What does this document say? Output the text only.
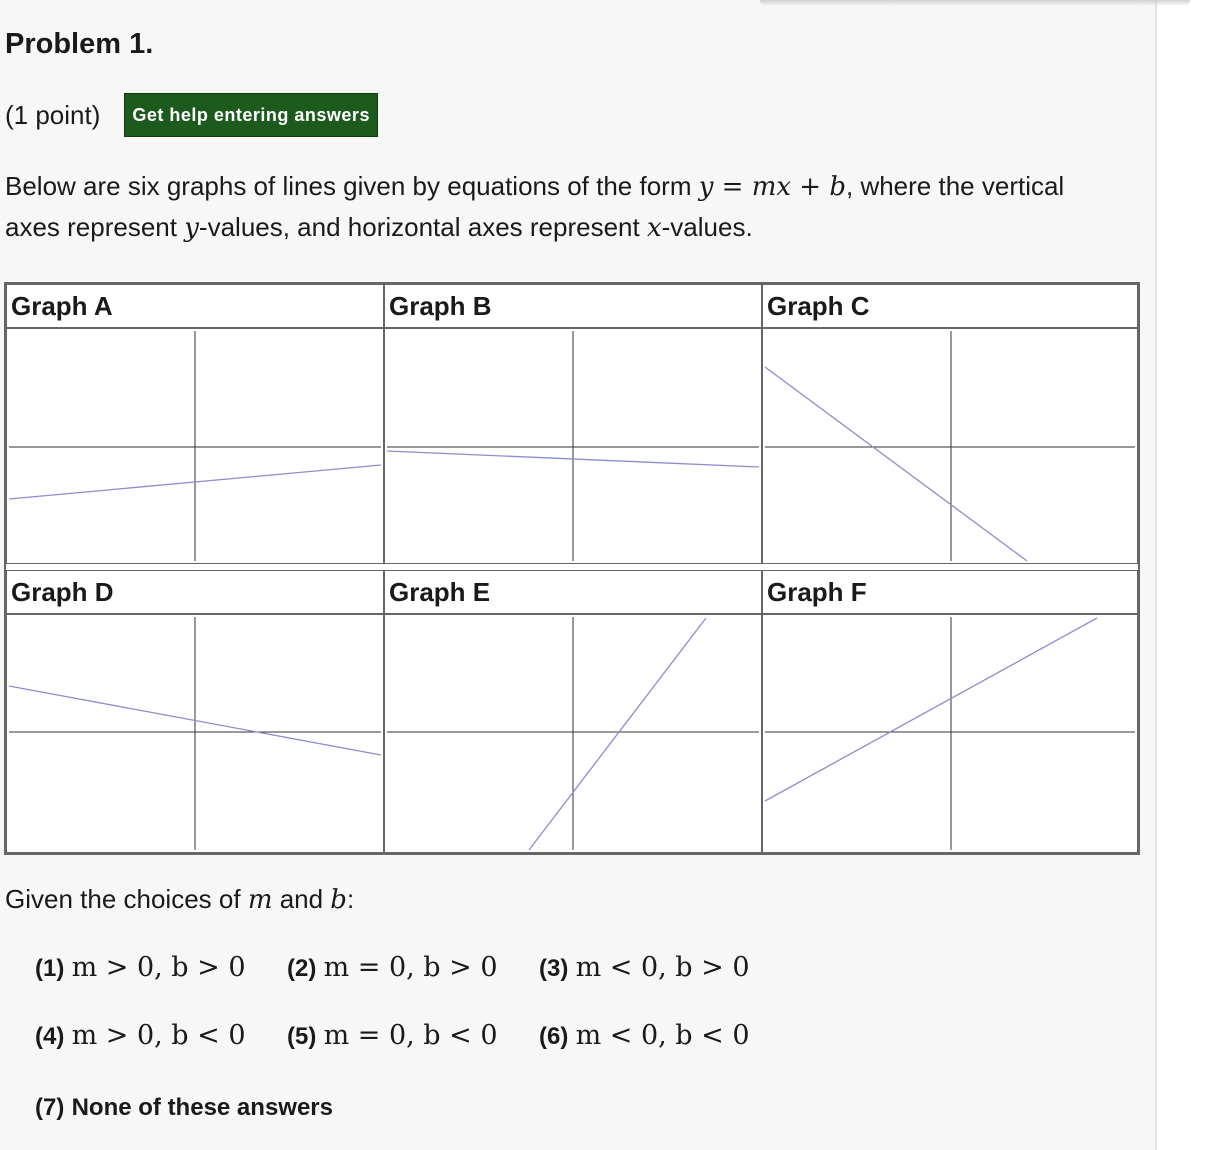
Problem 1.
(1 point) Get help entering answers

Below are six graphs of lines given by equations of the form y = mx + b, where the vertical axes represent y-values, and horizontal axes represent x-values.

Graph A	Graph B	Graph C
Graph D	Graph E	Graph F

Given the choices of m and b:

(1) m > 0, b > 0 (2) m = 0, b > 0 (3) m < 0, b > 0
(4) m > 0, b < 0 (5) m = 0, b < 0 (6) m < 0, b < 0
(7) None of these answers
